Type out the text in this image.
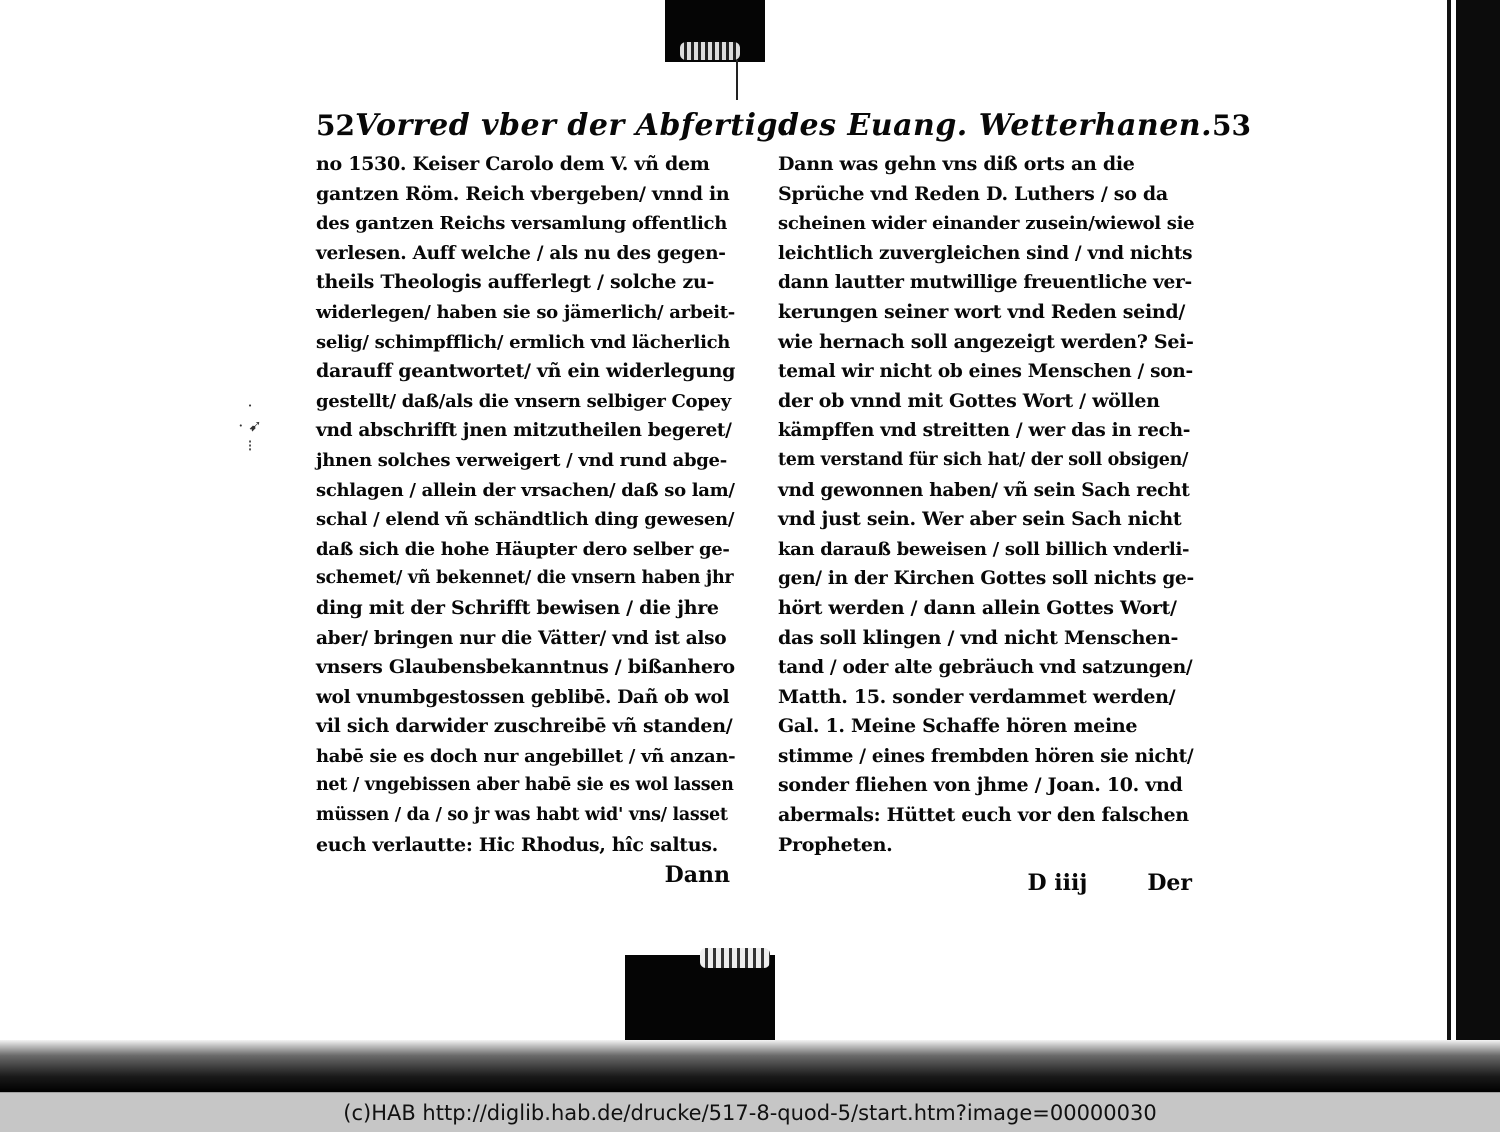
·
· ➹
⁝
52 Vorred vber der Abfertig.
no 1530. Keiser Carolo dem V. vñ dem
gantzen Röm. Reich vbergeben/ vnnd in
des gantzen Reichs versamlung offentlich
verlesen. Auff welche / als nu des gegen-
theils Theologis aufferlegt / solche zu-
widerlegen/ haben sie so jämerlich/ arbeit-
selig/ schimpfflich/ ermlich vnd lächerlich
darauff geantwortet/ vñ ein widerlegung
gestellt/ daß/als die vnsern selbiger Copey
vnd abschrifft jnen mitzutheilen begeret/
jhnen solches verweigert / vnd rund abge-
schlagen / allein der vrsachen/ daß so lam/
schal / elend vñ schändtlich ding gewesen/
daß sich die hohe Häupter dero selber ge-
schemet/ vñ bekennet/ die vnsern haben jhr
ding mit der Schrifft bewisen / die jhre
aber/ bringen nur die Vätter/ vnd ist also
vnsers Glaubensbekanntnus / bißanhero
wol vnumbgestossen geblibē. Dañ ob wol
vil sich darwider zuschreibē vñ standen/
habē sie es doch nur angebillet / vñ anzan-
net / vngebissen aber habē sie es wol lassen
müssen / da / so jr was habt wid' vns/ lasset
euch verlautte: Hic Rhodus, hîc saltus.
Dann
des Euang. Wetterhanen. 53
Dann was gehn vns diß orts an die
Sprüche vnd Reden D. Luthers / so da
scheinen wider einander zusein/wiewol sie
leichtlich zuvergleichen sind / vnd nichts
dann lautter mutwillige freuentliche ver-
kerungen seiner wort vnd Reden seind/
wie hernach soll angezeigt werden? Sei-
temal wir nicht ob eines Menschen / son-
der ob vnnd mit Gottes Wort / wöllen
kämpffen vnd streitten / wer das in rech-
tem verstand für sich hat/ der soll obsigen/
vnd gewonnen haben/ vñ sein Sach recht
vnd just sein. Wer aber sein Sach nicht
kan darauß beweisen / soll billich vnderli-
gen/ in der Kirchen Gottes soll nichts ge-
hört werden / dann allein Gottes Wort/
das soll klingen / vnd nicht Menschen-
tand / oder alte gebräuch vnd satzungen/
Matth. 15. sonder verdammet werden/
Gal. 1. Meine Schaffe hören meine
stimme / eines frembden hören sie nicht/
sonder fliehen von jhme / Joan. 10. vnd
abermals: Hüttet euch vor den falschen
Propheten.
D iiij	Der
(c)HAB http://diglib.hab.de/drucke/517-8-quod-5/start.htm?image=00000030
